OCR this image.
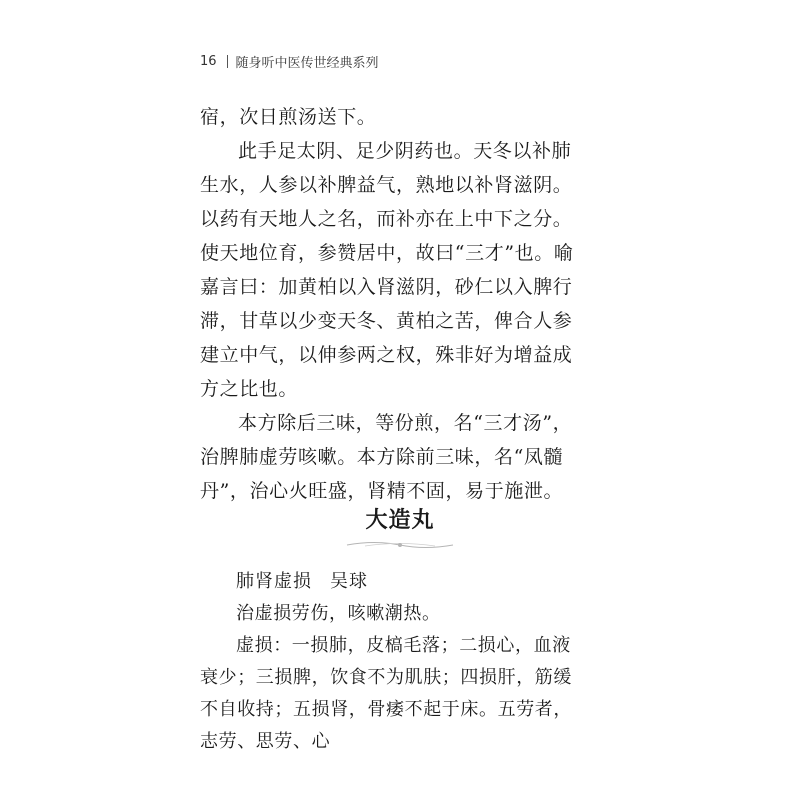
16 随身听中医传世经典系列

宿，次日煎汤送下。

此手足太阴、足少阴药也。天冬以补肺生水，人参以补脾益气，熟地以补肾滋阴。以药有天地人之名，而补亦在上中下之分。使天地位育，参赞居中，故曰“三才”也。喻嘉言曰：加黄柏以入肾滋阴，砂仁以入脾行滞，甘草以少变天冬、黄柏之苦，俾合人参建立中气，以伸参两之权，殊非好为增益成方之比也。

本方除后三味，等份煎，名“三才汤”，治脾肺虚劳咳嗽。本方除前三味，名“凤髓丹”，治心火旺盛，肾精不固，易于施泄。

大造丸

肺肾虚损 吴球

治虚损劳伤，咳嗽潮热。

虚损：一损肺，皮槁毛落；二损心，血液衰少；三损脾，饮食不为肌肤；四损肝，筋缓不自收持；五损肾，骨痿不起于床。五劳者，志劳、思劳、心
